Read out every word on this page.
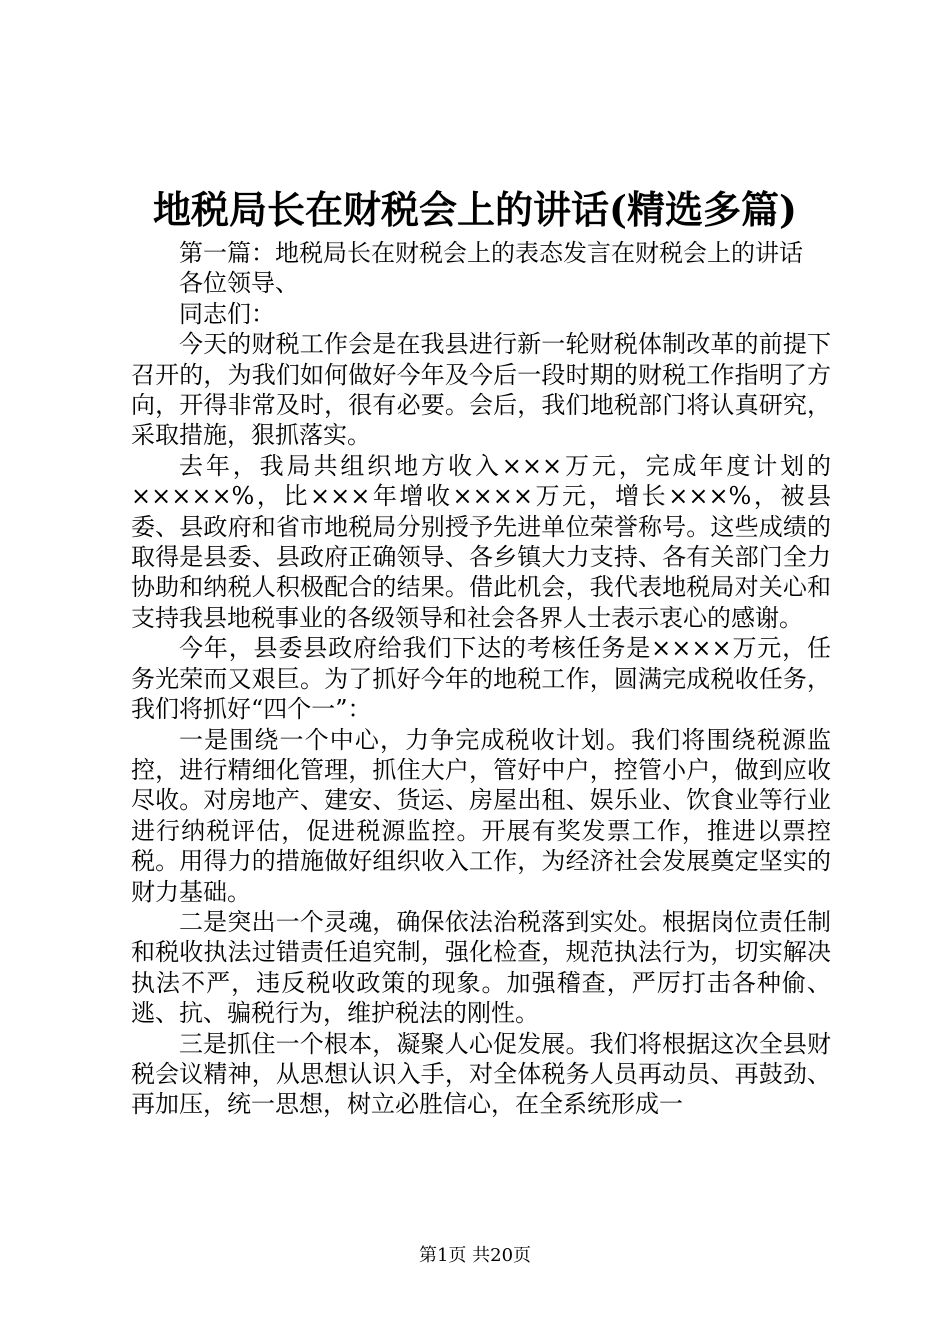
地税局长在财税会上的讲话(精选多篇)

第一篇：地税局长在财税会上的表态发言在财税会上的讲话

各位领导、

同志们：

今天的财税工作会是在我县进行新一轮财税体制改革的前提下召开的，为我们如何做好今年及今后一段时期的财税工作指明了方向，开得非常及时，很有必要。会后，我们地税部门将认真研究，采取措施，狠抓落实。

去年，我局共组织地方收入×××万元，完成年度计划的×××××%，比×××年增收××××万元，增长×××%，被县委、县政府和省市地税局分别授予先进单位荣誉称号。这些成绩的取得是县委、县政府正确领导、各乡镇大力支持、各有关部门全力协助和纳税人积极配合的结果。借此机会，我代表地税局对关心和支持我县地税事业的各级领导和社会各界人士表示衷心的感谢。

今年，县委县政府给我们下达的考核任务是××××万元，任务光荣而又艰巨。为了抓好今年的地税工作，圆满完成税收任务，我们将抓好“四个一”：

一是围绕一个中心，力争完成税收计划。我们将围绕税源监控，进行精细化管理，抓住大户，管好中户，控管小户，做到应收尽收。对房地产、建安、货运、房屋出租、娱乐业、饮食业等行业进行纳税评估，促进税源监控。开展有奖发票工作，推进以票控税。用得力的措施做好组织收入工作，为经济社会发展奠定坚实的财力基础。

二是突出一个灵魂，确保依法治税落到实处。根据岗位责任制和税收执法过错责任追究制，强化检查，规范执法行为，切实解决执法不严，违反税收政策的现象。加强稽查，严厉打击各种偷、逃、抗、骗税行为，维护税法的刚性。

三是抓住一个根本，凝聚人心促发展。我们将根据这次全县财税会议精神，从思想认识入手，对全体税务人员再动员、再鼓劲、再加压，统一思想，树立必胜信心，在全系统形成一

第1页 共20页
